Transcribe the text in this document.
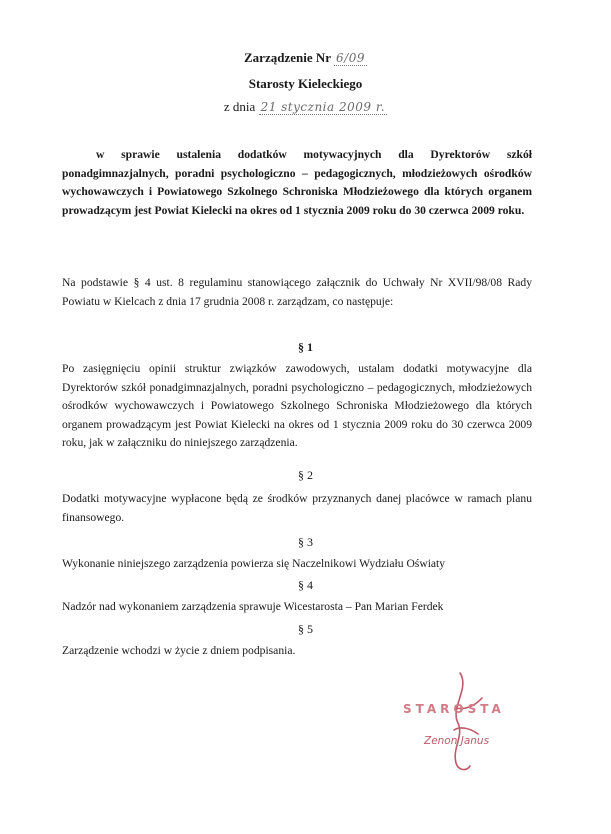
Zarządzenie Nr 6/09
Starosty Kieleckiego
z dnia 21 stycznia 2009 r.
w sprawie ustalenia dodatków motywacyjnych dla Dyrektorów szkół ponadgimnazjalnych, poradni psychologiczno – pedagogicznych, młodzieżowych ośrodków wychowawczych i Powiatowego Szkolnego Schroniska Młodzieżowego dla których organem prowadzącym jest Powiat Kielecki na okres od 1 stycznia 2009 roku do 30 czerwca 2009 roku.
Na podstawie § 4 ust. 8 regulaminu stanowiącego załącznik do Uchwały Nr XVII/98/08 Rady Powiatu w Kielcach z dnia 17 grudnia 2008 r. zarządzam, co następuje:
§ 1
Po zasięgnięciu opinii struktur związków zawodowych, ustalam dodatki motywacyjne dla Dyrektorów szkół ponadgimnazjalnych, poradni psychologiczno – pedagogicznych, młodzieżowych ośrodków wychowawczych i Powiatowego Szkolnego Schroniska Młodzieżowego dla których organem prowadzącym jest Powiat Kielecki na okres od 1 stycznia 2009 roku do 30 czerwca 2009 roku, jak w załączniku do niniejszego zarządzenia.
§ 2
Dodatki motywacyjne wypłacone będą ze środków przyznanych danej placówce w ramach planu finansowego.
§ 3
Wykonanie niniejszego zarządzenia powierza się Naczelnikowi Wydziału Oświaty
§ 4
Nadzór nad wykonaniem zarządzenia sprawuje Wicestarosta – Pan Marian Ferdek
§ 5
Zarządzenie wchodzi w życie z dniem podpisania.
STAROSTA
Zenon Janus
